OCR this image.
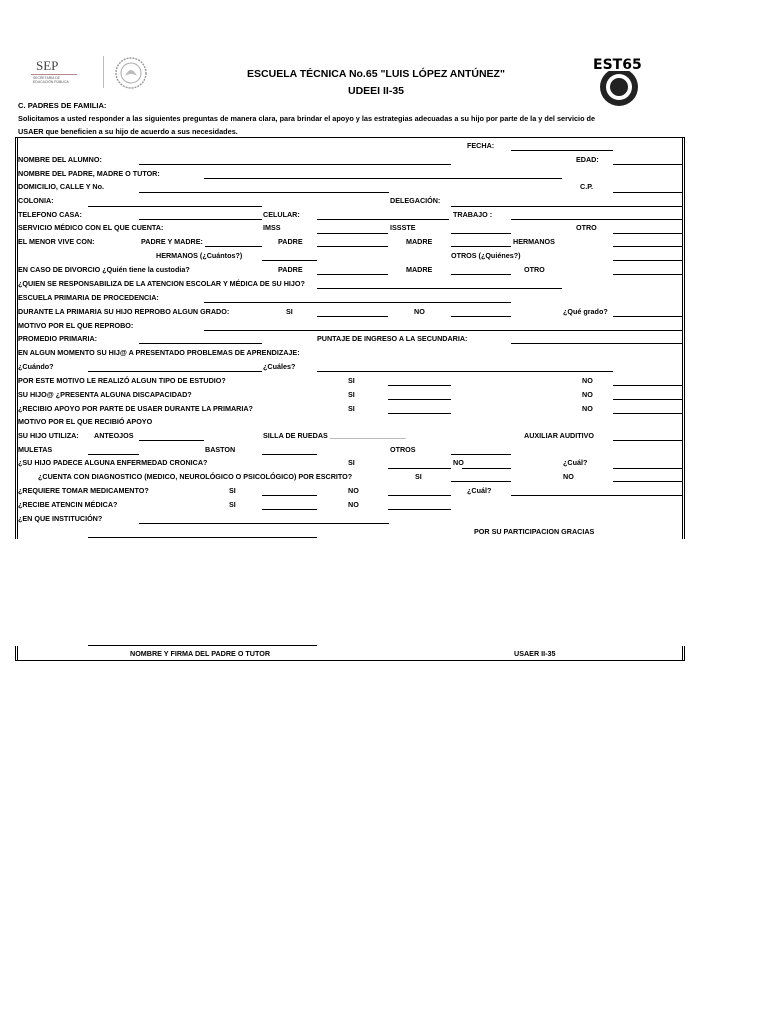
SEP
SECRETARÍA DE EDUCACIÓN PÚBLICA
ESCUELA TÉCNICA No.65 "LUIS LÓPEZ ANTÚNEZ"
UDEEI II-35
EST65
C. PADRES DE FAMILIA:
Solicitamos a usted responder a las siguientes preguntas de manera clara, para brindar el apoyo y las estrategias adecuadas a su hijo por parte de la y del servicio de
USAER que beneficien a su hijo de acuerdo a sus necesidades.
FECHA:
NOMBRE DEL ALUMNO:	EDAD:
NOMBRE DEL PADRE, MADRE O TUTOR:
DOMICILIO, CALLE Y No.	C.P.
COLONIA:	DELEGACIÓN:
TELEFONO CASA:	CELULAR:	TRABAJO :
SERVICIO MÉDICO CON EL QUE CUENTA:	IMSS	ISSSTE	OTRO
EL MENOR VIVE CON:	PADRE Y MADRE:	PADRE	MADRE	HERMANOS
HERMANOS (¿Cuántos?)	OTROS (¿Quiénes?)
EN CASO DE DIVORCIO ¿Quién tiene la custodia?	PADRE	MADRE	OTRO
¿QUIEN SE RESPONSABILIZA DE LA ATENCION ESCOLAR Y MÉDICA DE SU HIJO?
ESCUELA PRIMARIA DE PROCEDENCIA:
DURANTE LA PRIMARIA SU HIJO REPROBO ALGUN GRADO:	SI	NO	¿Qué grado?
MOTIVO POR EL QUE REPROBO:
PROMEDIO PRIMARIA:	PUNTAJE DE INGRESO A LA SECUNDARIA:
EN ALGUN MOMENTO SU HIJ@ A PRESENTADO PROBLEMAS DE APRENDIZAJE:
¿Cuándo?	¿Cuáles?
POR ESTE MOTIVO LE REALIZÓ ALGUN TIPO DE ESTUDIO?	SI	NO
SU HIJO@ ¿PRESENTA ALGUNA DISCAPACIDAD?	SI	NO
¿RECIBIO APOYO POR PARTE DE USAER DURANTE LA PRIMARIA?	SI	NO
MOTIVO POR EL QUE RECIBIÓ APOYO
SU HIJO UTILIZA: ANTEOJOS	SILLA DE RUEDAS ___________________	AUXILIAR AUDITIVO
MULETAS	BASTON	OTROS
¿SU HIJO PADECE ALGUNA ENFERMEDAD CRONICA?	SI	NO	¿Cuál?
¿CUENTA CON DIAGNOSTICO (MEDICO, NEUROLÓGICO O PSICOLÓGICO) POR ESCRITO?	SI	NO
¿REQUIERE TOMAR MEDICAMENTO?	SI	NO	¿Cuál?
¿RECIBE ATENCIN MÉDICA?	SI	NO
¿EN QUE INSTITUCIÓN?
POR SU PARTICIPACION GRACIAS
NOMBRE Y FIRMA DEL PADRE O TUTOR	USAER II-35
